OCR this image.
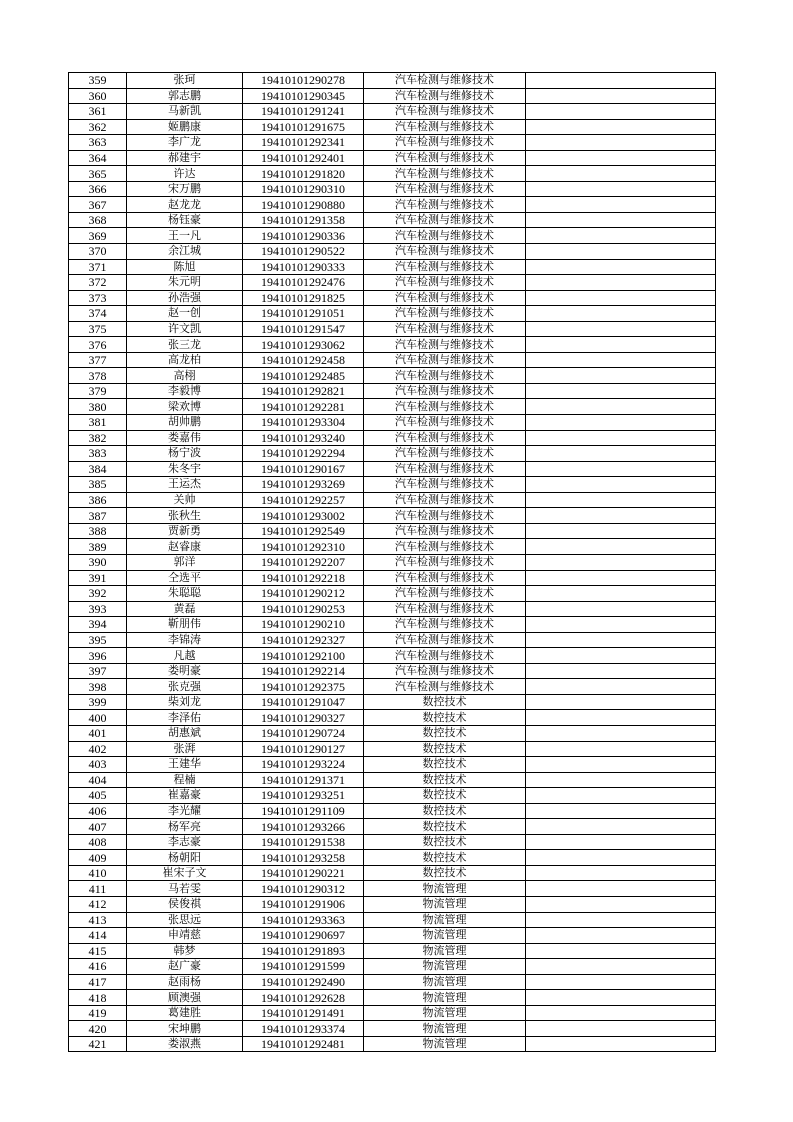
359	张珂	19410101290278	汽车检测与维修技术	
360	郭志鹏	19410101290345	汽车检测与维修技术	
361	马新凯	19410101291241	汽车检测与维修技术	
362	姬鹏康	19410101291675	汽车检测与维修技术	
363	李广龙	19410101292341	汽车检测与维修技术	
364	郝建宇	19410101292401	汽车检测与维修技术	
365	许达	19410101291820	汽车检测与维修技术	
366	宋万鹏	19410101290310	汽车检测与维修技术	
367	赵龙龙	19410101290880	汽车检测与维修技术	
368	杨钰豪	19410101291358	汽车检测与维修技术	
369	王一凡	19410101290336	汽车检测与维修技术	
370	余江城	19410101290522	汽车检测与维修技术	
371	陈旭	19410101290333	汽车检测与维修技术	
372	朱元明	19410101292476	汽车检测与维修技术	
373	孙浩强	19410101291825	汽车检测与维修技术	
374	赵一创	19410101291051	汽车检测与维修技术	
375	许文凯	19410101291547	汽车检测与维修技术	
376	张三龙	19410101293062	汽车检测与维修技术	
377	高龙柏	19410101292458	汽车检测与维修技术	
378	高栩	19410101292485	汽车检测与维修技术	
379	李毅博	19410101292821	汽车检测与维修技术	
380	梁欢博	19410101292281	汽车检测与维修技术	
381	胡帅鹏	19410101293304	汽车检测与维修技术	
382	娄嘉伟	19410101293240	汽车检测与维修技术	
383	杨宁波	19410101292294	汽车检测与维修技术	
384	朱冬宇	19410101290167	汽车检测与维修技术	
385	王运杰	19410101293269	汽车检测与维修技术	
386	关帅	19410101292257	汽车检测与维修技术	
387	张秋生	19410101293002	汽车检测与维修技术	
388	贾新勇	19410101292549	汽车检测与维修技术	
389	赵睿康	19410101292310	汽车检测与维修技术	
390	郭洋	19410101292207	汽车检测与维修技术	
391	仝选平	19410101292218	汽车检测与维修技术	
392	朱聪聪	19410101290212	汽车检测与维修技术	
393	黄磊	19410101290253	汽车检测与维修技术	
394	靳朋伟	19410101290210	汽车检测与维修技术	
395	李锦涛	19410101292327	汽车检测与维修技术	
396	凡越	19410101292100	汽车检测与维修技术	
397	娄明豪	19410101292214	汽车检测与维修技术	
398	张克强	19410101292375	汽车检测与维修技术	
399	柴刘龙	19410101291047	数控技术	
400	李泽佑	19410101290327	数控技术	
401	胡惠斌	19410101290724	数控技术	
402	张湃	19410101290127	数控技术	
403	王建华	19410101293224	数控技术	
404	程楠	19410101291371	数控技术	
405	崔嘉豪	19410101293251	数控技术	
406	李光耀	19410101291109	数控技术	
407	杨军亮	19410101293266	数控技术	
408	李志豪	19410101291538	数控技术	
409	杨朝阳	19410101293258	数控技术	
410	崔宋子文	19410101290221	数控技术	
411	马若雯	19410101290312	物流管理	
412	侯俊祺	19410101291906	物流管理	
413	张思远	19410101293363	物流管理	
414	申靖慈	19410101290697	物流管理	
415	韩梦	19410101291893	物流管理	
416	赵广豪	19410101291599	物流管理	
417	赵雨杨	19410101292490	物流管理	
418	顾澳强	19410101292628	物流管理	
419	葛建胜	19410101291491	物流管理	
420	宋坤鹏	19410101293374	物流管理	
421	娄淑燕	19410101292481	物流管理	
